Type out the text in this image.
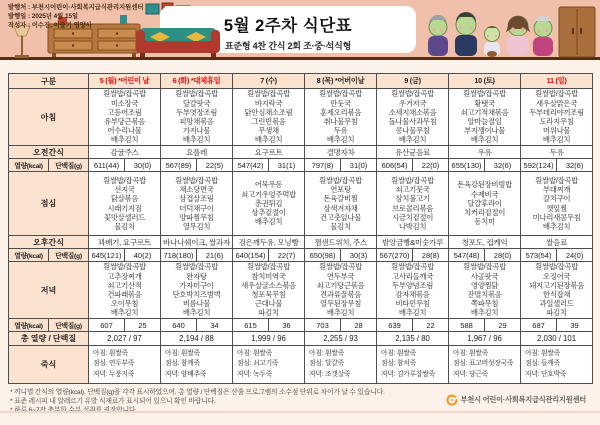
발행처 : 부천시어린이·사회복지급식관리지원센터
발행일 : 2025년 4월 15일
작성자 : 이수진, 이슬기 영양사	5월 2주차 식단표
표준형 4찬 간식 2회 조·중·석식형
구분		5 (월) *어린이 날		6 (화) *대체휴일		7 (수)		8 (목) *어버이날		9 (금)		10 (토)		11 (일)	
아침	
흰쌀밥/잡곡밥
미소장국
고등어조림
유부당근볶음
어수리나물
배추김치

흰쌀밥/잡곡밥
달걀팟국
두부엿장조림
피망채볶음
가지나물
배추김치

흰쌀밥/잡곡밥
바지락국
닭안심채소조림
그린빈볶음
무생채
배추김치

흰쌀밥/잡곡밥
만둣국
훈제오리볶음
취나물무침
두유
배추김치

흰쌀밥/잡곡밥
우거지국
소세지채소볶음
돌나물사과무침
콩나물무침
배추김치

흰쌀밥/잡곡밥
황탯국
쇠고기적채볶음
알마늘절임
부지깽이나물
배추김치

흰쌀밥/잡곡밥
새우살맑은국
두부데리야끼조림
도라지무침
머위나물
배추김치

오전간식		감귤주스		요플레		요구르트		결명자차		유산균음료		우유		두유	
열량(kcal)	단백질(g)	611(44)	30(0)	567(89)	22(5)	547(42)	31(1)	797(8)	31(0)	606(54)	22(0)	655(130)	32(6)	592(124)	32(6)
점심	
흰쌀밥/잡곡밥
선지국
닭살볶음
시래기지짐
꽃맛살샐러드
물김치

흰쌀밥/잡곡밥
채소당면국
삼겹살조림
더덕채구이
양파찜무침
열무김치

어묵우동
쇠고기우엉주먹밥
춘권튀김
상추겉절이
배추김치

흰쌀밥/잡곡밥
연포탕
돈육갈비찜
삼색겨자채
건고춧잎나물
물김치

흰쌀밥/잡곡밥
쇠고기뭇국
삼치불고기
브로콜리볶음
시금치겉절이
나박김치

돈육강된장비빔밥
수제비국
달걀후라이
치커리겉절이
동치미

흰쌀밥/잡곡밥
부대찌개
갈치구이
깻잎찜
미나리새콤무침
배추김치

오후간식		꽈배기, 요구르트		바나나쉐이크, 쌀과자		검은깨두유, 모닝빵		잼샌드위치, 주스		밤앙금빵&미숫가루		청포도, 컵케익		쌀음료	
열량(kcal)	단백질(g)	645(121)	40(2)	718(180)	21(6)	640(154)	22(7)	650(98)	30(3)	567(270)	28(8)	547(48)	28(0)	573(54)	24(0)
저녁	
흰쌀밥/잡곡밥
고추장찌개
쇠고기산적
건파래볶음
오이무침
배추김치

흰쌀밥/잡곡밥
완자탕
가자미구이
단호박치즈범벅
비름나물
배추김치

흰쌀밥/잡곡밥
참치미역국
새우살굴소스볶음
청포묵무침
근대나물
파김치

흰쌀밥/잡곡밥
연두부국
쇠고기당근볶음
견과류꿀볶음
열무된장무침
배추김치

흰쌀밥/잡곡밥
고사리들깨국
두부양념조림
감자채볶음
비타민무침
배추김치

흰쌀밥/잡곡밥
사골팟국
영양찜닭
잔멸치볶음
쪽파무침
배추김치

흰쌀밥/잡곡밥
오징어국
돼지고기된장볶음
한식잡채
과일샐러드
파김치

열량(kcal)	단백질(g)	607	25	640	34	615	36	703	28	639	22	588	29	687	39
총 열량 / 단백질		2,027 / 97		2,194 / 88		1,999 / 96		2,255 / 93		2,135 / 80		1,967 / 96		2,030 / 101	
죽식	
아침: 흰쌀죽
점심: 연두부죽
저녁: 누룽지죽

아침: 흰쌀죽
점심: 참깨죽
저녁: 양배추죽

아침: 흰쌀죽
점심: 쇠고기죽
저녁: 녹두죽

아침: 흰쌀죽
점심: 달걀죽
저녁: 조갯살죽

아침: 흰쌀죽
점심: 참치죽
저녁: 김가루찹쌀죽

아침: 흰쌀죽
점심: 표고버섯장국죽
저녁: 당근죽

아침: 흰쌀죽
점심: 들깨죽
저녁: 단호박죽
* 끼니별 간식의 열량(kcal), 단백질(g)을 각각 표시하였으며, 총 열량 / 단백질은 산출 프로그램의 소수점 단위로 차이가 날 수 있습니다.
* 표준 레시피 내 알레르기 유발 식재료가 표시되어 있으니 확인 바랍니다.	부천시 어린이·사회복지급식관리지원센터
